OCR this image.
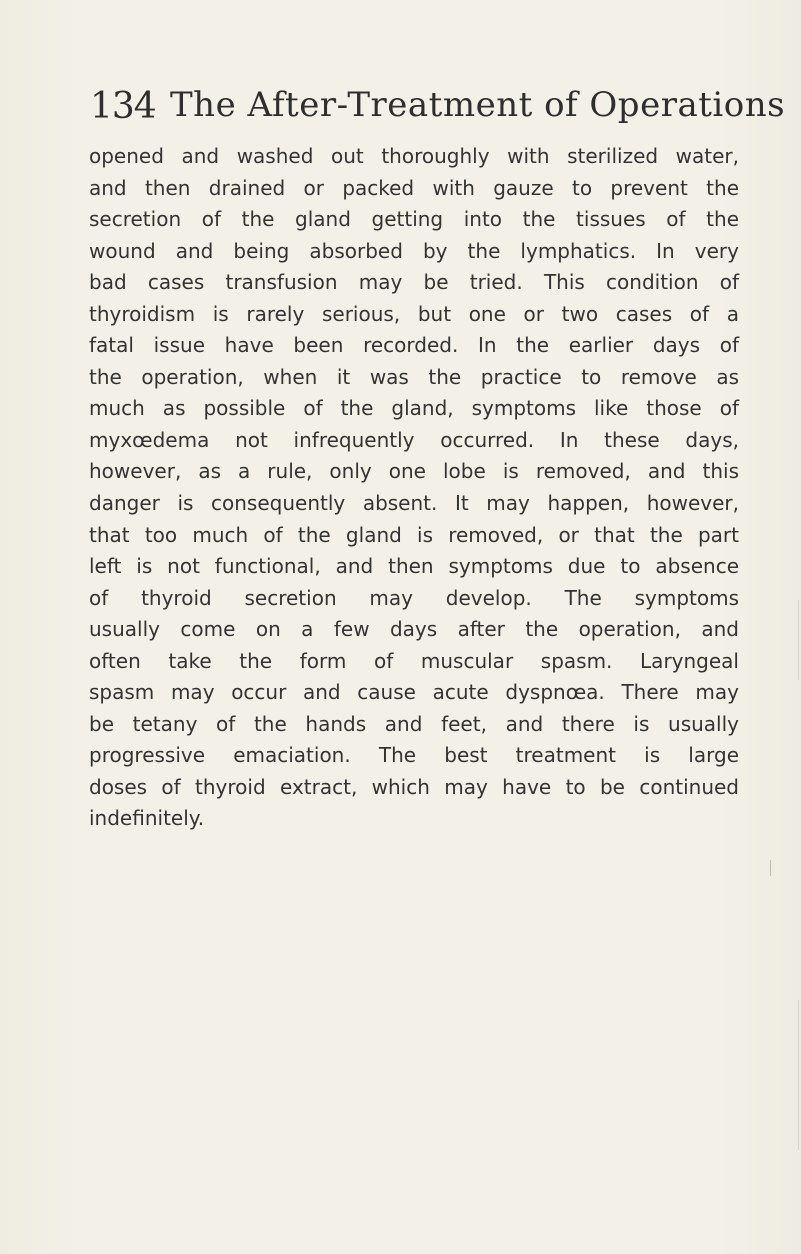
134 The After-Treatment of Operations
opened and washed out thoroughly with sterilized water,
and then drained or packed with gauze to prevent the
secretion of the gland getting into the tissues of the
wound and being absorbed by the lymphatics. In very
bad cases transfusion may be tried. This condition of
thyroidism is rarely serious, but one or two cases of a
fatal issue have been recorded. In the earlier days of
the operation, when it was the practice to remove as
much as possible of the gland, symptoms like those of
myxœdema not infrequently occurred. In these days,
however, as a rule, only one lobe is removed, and this
danger is consequently absent. It may happen, however,
that too much of the gland is removed, or that the part
left is not functional, and then symptoms due to absence
of thyroid secretion may develop. The symptoms
usually come on a few days after the operation, and
often take the form of muscular spasm. Laryngeal
spasm may occur and cause acute dyspnœa. There may
be tetany of the hands and feet, and there is usually
progressive emaciation. The best treatment is large
doses of thyroid extract, which may have to be continued
indefinitely.
